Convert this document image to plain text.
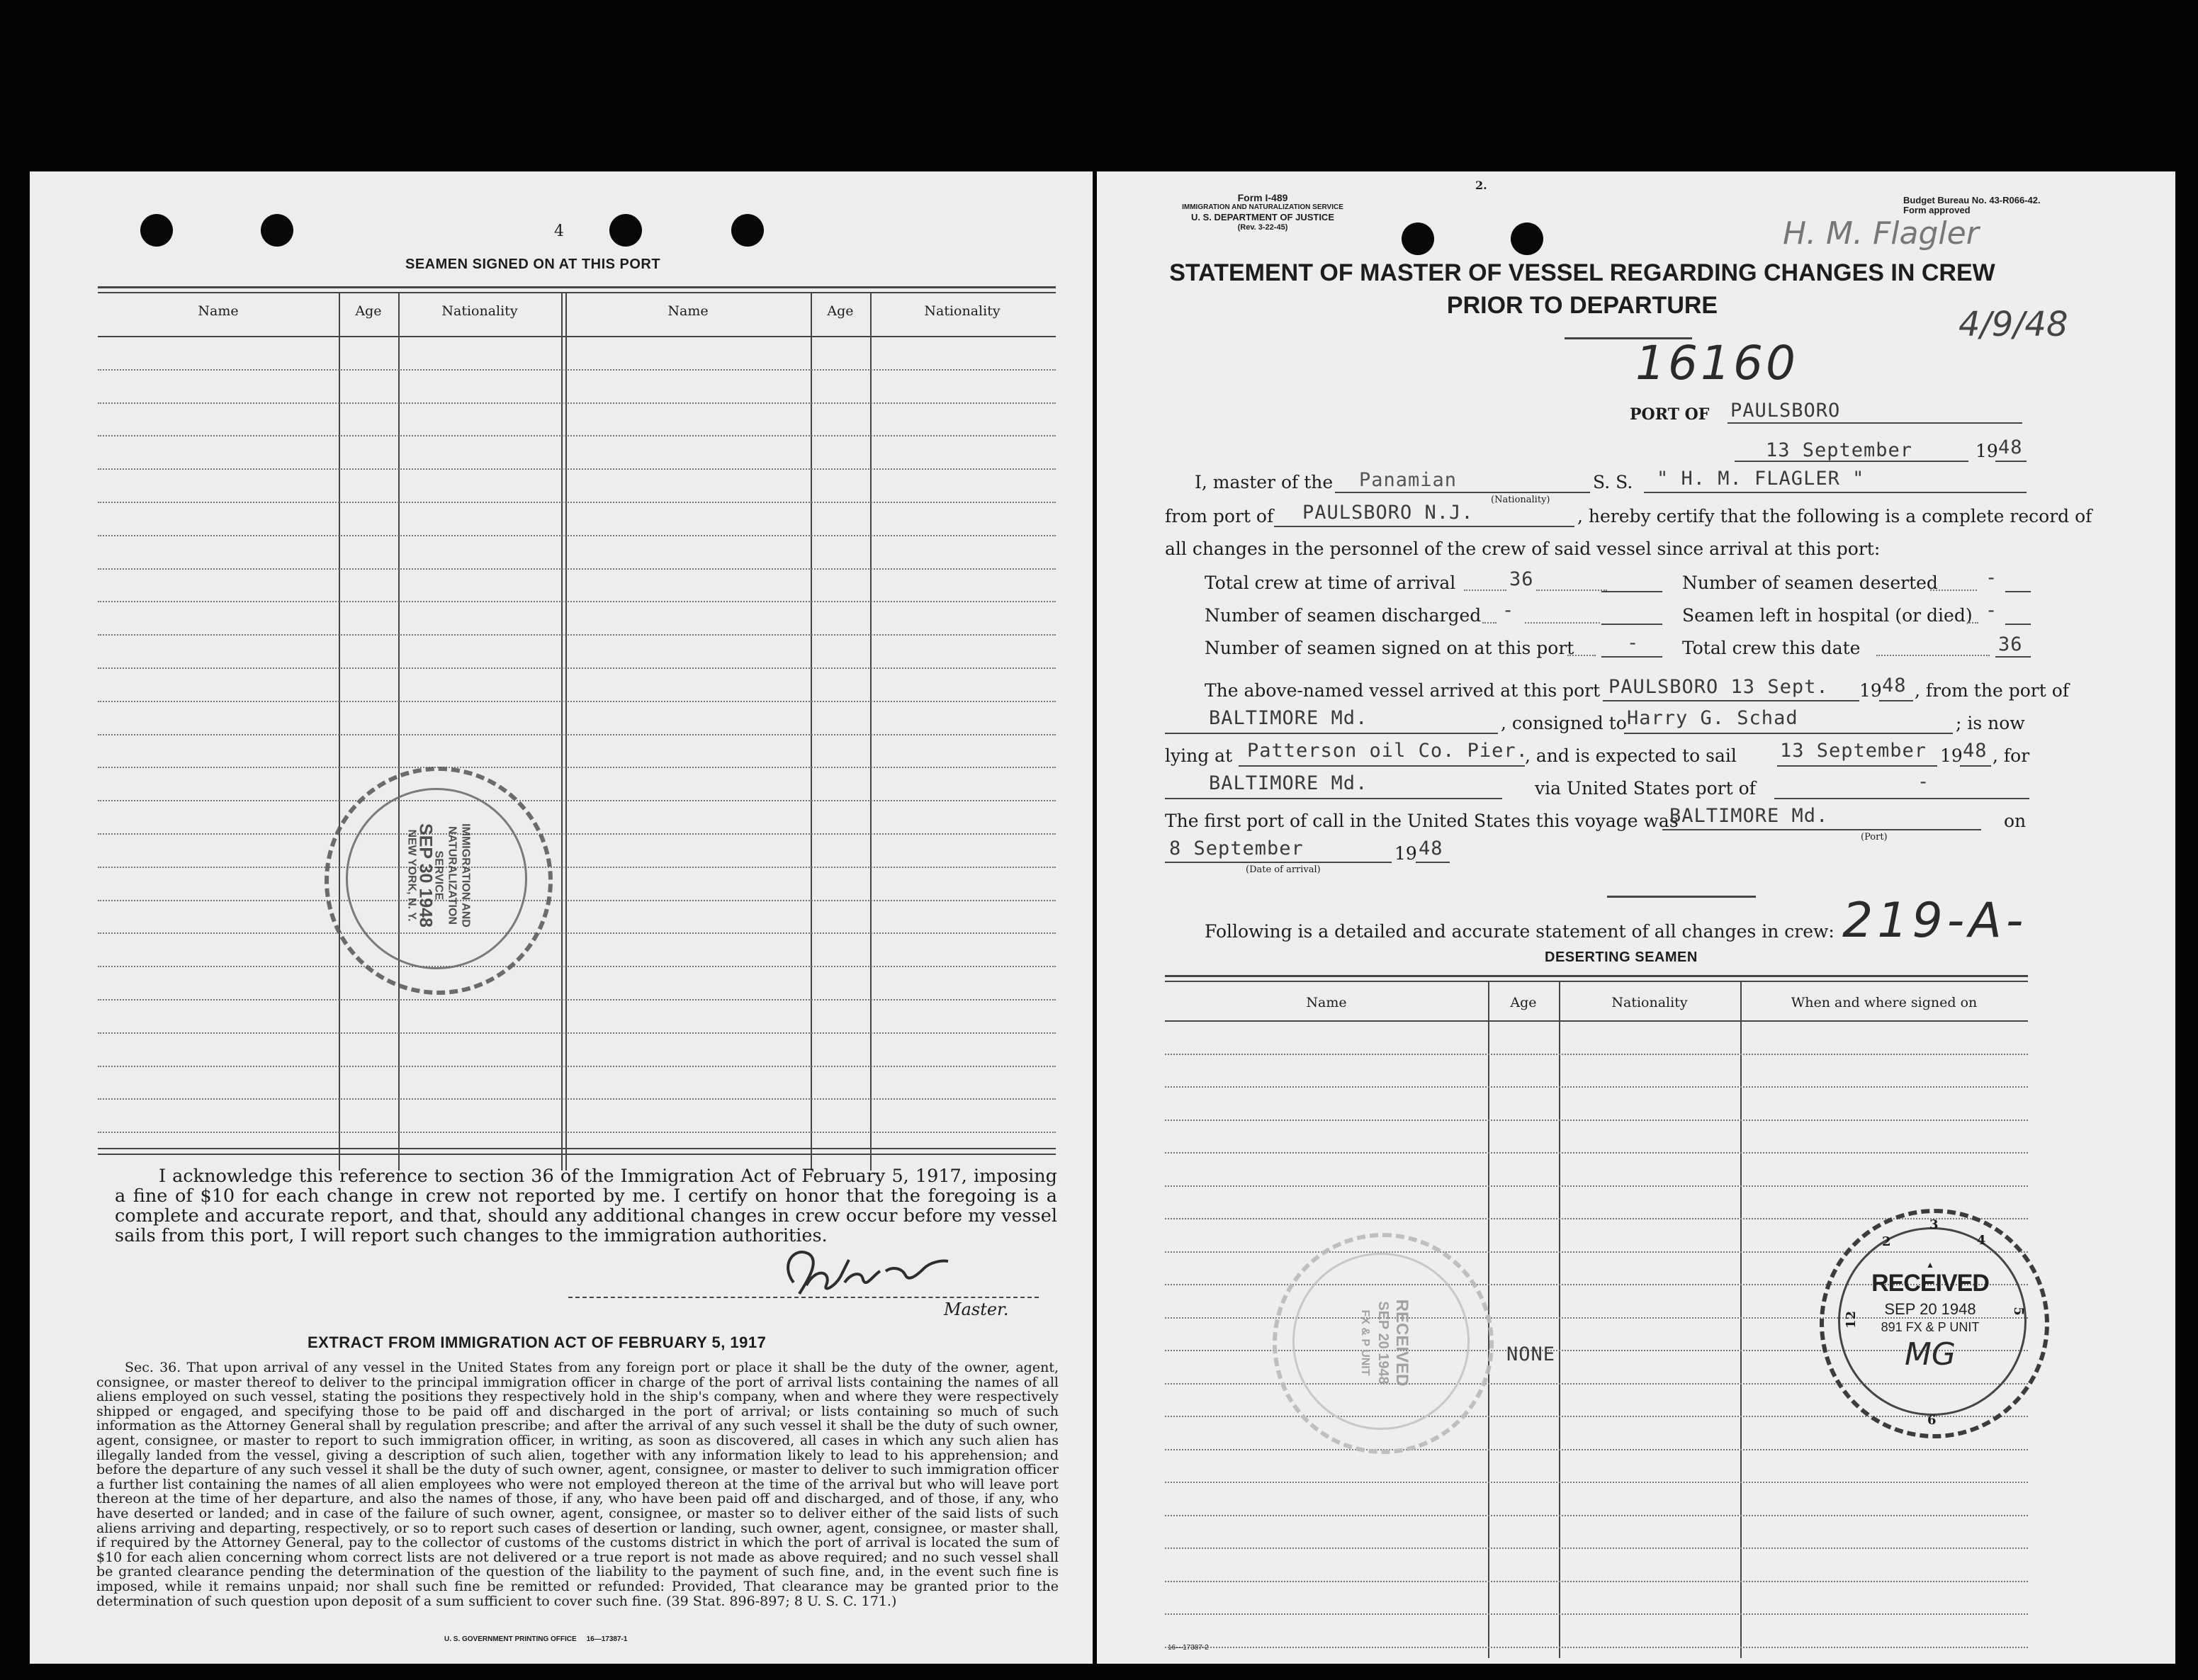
4
SEAMEN SIGNED ON AT THIS PORT
Name	Age	Nationality	Name	Age	Nationality
IMMIGRATION AND
NATURALIZATION
SERVICE
SEP 30 1948
NEW YORK, N. Y.
I acknowledge this reference to section 36 of the Immigration Act of February 5, 1917, imposing a fine of $10 for each change in crew not reported by me. I certify on honor that the foregoing is a complete and accurate report, and that, should any additional changes in crew occur before my vessel sails from this port, I will report such changes to the immigration authorities.
Master.
EXTRACT FROM IMMIGRATION ACT OF FEBRUARY 5, 1917
Sec. 36. That upon arrival of any vessel in the United States from any foreign port or place it shall be the duty of the owner, agent, consignee, or master thereof to deliver to the principal immigration officer in charge of the port of arrival lists containing the names of all aliens employed on such vessel, stating the positions they respectively hold in the ship's company, when and where they were respectively shipped or engaged, and specifying those to be paid off and discharged in the port of arrival; or lists containing so much of such information as the Attorney General shall by regulation prescribe; and after the arrival of any such vessel it shall be the duty of such owner, agent, consignee, or master to report to such immigration officer, in writing, as soon as discovered, all cases in which any such alien has illegally landed from the vessel, giving a description of such alien, together with any information likely to lead to his apprehension; and before the departure of any such vessel it shall be the duty of such owner, agent, consignee, or master to deliver to such immigration officer a further list containing the names of all alien employees who were not employed thereon at the time of the arrival but who will leave port thereon at the time of her departure, and also the names of those, if any, who have been paid off and discharged, and of those, if any, who have deserted or landed; and in case of the failure of such owner, agent, consignee, or master so to deliver either of the said lists of such aliens arriving and departing, respectively, or so to report such cases of desertion or landing, such owner, agent, consignee, or master shall, if required by the Attorney General, pay to the collector of customs of the customs district in which the port of arrival is located the sum of $10 for each alien concerning whom correct lists are not delivered or a true report is not made as above required; and no such vessel shall be granted clearance pending the determination of the question of the liability to the payment of such fine, and, in the event such fine is imposed, while it remains unpaid; nor shall such fine be remitted or refunded: Provided, That clearance may be granted prior to the determination of such question upon deposit of a sum sufficient to cover such fine. (39 Stat. 896-897; 8 U. S. C. 171.)
U. S. GOVERNMENT PRINTING OFFICE     16—17387-1
Form I-489
IMMIGRATION AND NATURALIZATION SERVICE
U. S. DEPARTMENT OF JUSTICE
(Rev. 3-22-45)
2.
Budget Bureau No. 43-R066-42.
Form approved
H. M. Flagler
4/9/48
STATEMENT OF MASTER OF VESSEL REGARDING CHANGES IN CREW
PRIOR TO DEPARTURE
16160
PORT OF PAULSBORO
13 September	19 48
I, master of the Panamian
(Nationality)
S. S. " H. M. FLAGLER "
from port of PAULSBORO N.J.	, hereby certify that the following is a complete record of
all changes in the personnel of the crew of said vessel since arrival at this port:
Total crew at time of arrival	36	Number of seamen deserted -
Number of seamen discharged -	Seamen left in hospital (or died) -
Number of seamen signed on at this port	- Total crew this date	36
The above-named vessel arrived at this port PAULSBORO 13 Sept. 19 48 , from the port of
BALTIMORE Md.	, consigned to Harry G. Schad	; is now
lying at Patterson oil Co. Pier.
, and is expected to sail 13 September 19 48 , for
BALTIMORE Md.	via United States port of	-
The first port of call in the United States this voyage was
BALTIMORE Md.
(Port)
on
8 September
(Date of arrival)
19 48
Following is a detailed and accurate statement of all changes in crew: 219-A-
DESERTING SEAMEN
Name	Age	Nationality	When and where signed on
NONE
16—17387-2
RECEIVED
SEP 20 1948
FX & P UNIT
3
6
12	5
4
2
▲
RECEIVED
SEP 20 1948
891 FX & P UNIT
MG
